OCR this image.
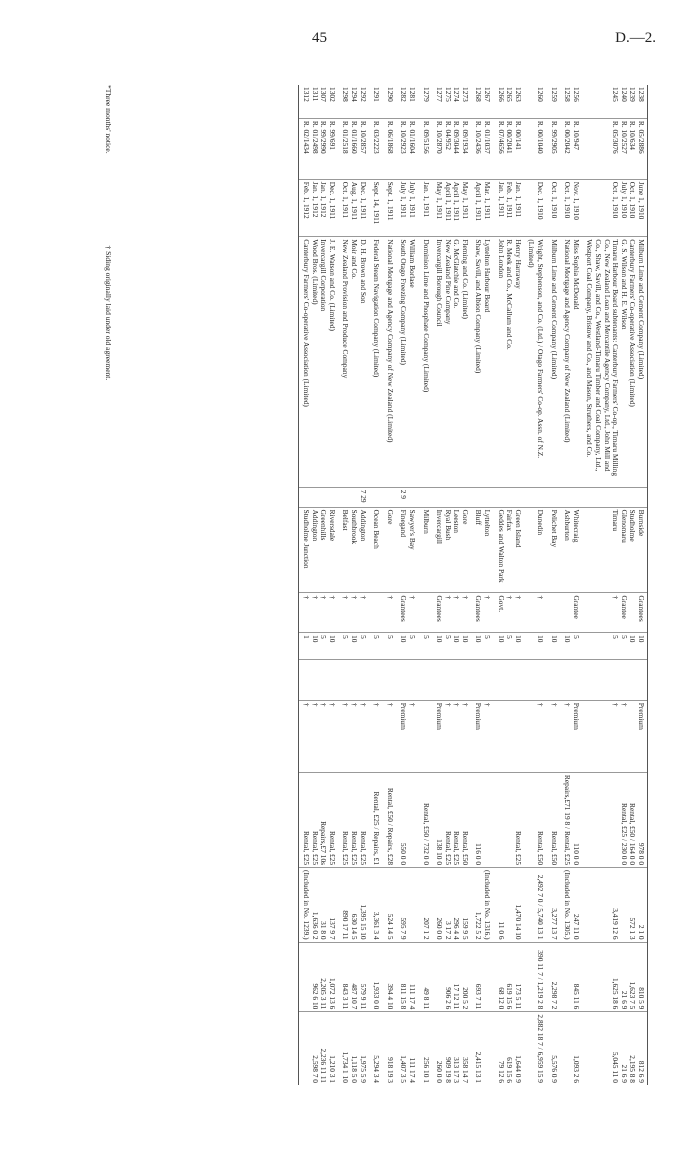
45	D.—2.
1238	R. 05/2886	June 1, 1910	Milburn Lime and Cement Company (Limited)		Burnside	Grantees	10		Premium	978 0 0	2 1 0	810 5 9	812 6 9
1239	R. 10/634	Oct. 1, 1910	Canterbury Farmers' Co-operative Association (Limited)		Studholme		10			Rental, £50 / 164 0 0	572 1 3	1,623 7 5	2,195 8 8
1240	R. 10/2527	July 1, 1910	G. S. Wilson and H. E. Wilson		Glenomaru	Grantee	5		†	Rental, £25 / 230 0 0		21 6 9	21 6 9
1245	R. 05/3076	Oct. 1, 1910	Timaru Harbour Board subtenants: Canterbury Farmers' Co-op., Timaru Milling Co., New Zealand Loan and Mercantile Agency Company, Ltd., John Mill and Co., Shaw, Savill, and Co., Westland-Timaru Timber and Coal Company, Ltd., Westport Coal Company, Bristow and Co., and Mason, Struthers, and Co.		Timaru	†	5		†		3,419 12 6	1,625 18 6	5,045 11 0
1256	R. 10/947	Nov. 1, 1910	Miss Sophia McDonald		Whitecraig	Grantee	5		Premium	110 0 0	247 11 0	845 11 6	1,093 2 6
1258	R. 00/2042	Oct. 1, 1910	National Mortgage and Agency Company of New Zealand (Limited)		Ashburton		10		†	Repairs,£71 19 8 / Rental, £25	(Included in No. 1305.)		
1259	R. 99/2905	Oct. 1, 1910	Milburn Lime and Cement Company (Limited)		Pelichet Bay		10		†	Rental, £50	3,277 13 7	2,298 7 2	5,576 0 9
1260	R. 00/1040	Dec. 1, 1910	Wright, Stephenson, and Co. (Ltd.) / Otago Farmers' Co-op. Assn. of N.Z. (Limited)		Dunedin	†	10		†	Rental, £50	2,492 7 0 / 5,740 13 1	390 11 7 / 1,219 2 8	2,882 18 7 / 6,959 15 9
1263	R. 00/141	Jan. 1, 1911	Henry Harraway		Green Island	†	10			Rental, £25	1,470 14 10	173 5 11	1,644 0 9
1265	R. 00/2041	Feb. 1, 1911	R. Meek and Co., McCallum and Co.		Fairfax	†	5					619 15 6	619 15 6
1266	R. 07/4656	Jan. 1, 1911	John London		Geddes and Walton Park	Govt.	10				11 0 6	68 12 0	79 12 6
1267	R. 01/1037	Mar. 1, 1911	Lyttelton Harbour Board		Lyttelton	†	5		†		(Included in No. 1316.)		
1268	R. 10/2436	April 1, 1911	Shaw, Savill, and Albion Company (Limited)		Bluff	Grantees	10		Premium	116 0 0	1,722 5 2	693 7 11	2,415 13 1
1273	R. 09/1934	May 1, 1911	Fleming and Co. (Limited)		Gore	†	10		†	Rental, £50	159 9 5	200 5 2	358 14 7
1274	R. 09/3044	April 1, 1911	G. McGlatchie and Co.		Leeston	†	10		†	Rental, £25	296 4 4	17 12 11	313 17 3
1275	R. 04/952	April 1, 1911	New Zealand Pine Company		Ryal Bush	†	5		†	Rental, £25	3 17 2	906 2 6	909 19 8
1277	R. 10/2870	May 1, 1911	Invercargill Borough Council		Invercargill	Grantees	10		Premium	138 10 0	260 0 0		260 0 0
1279	R. 09/5156	Jan. 1, 1911	Dominion Lime and Phosphate Company (Limited)		Milburn		5			Rental, £50 / 732 0 0	207 1 2	49 8 11	256 10 1
1281	R. 01/1604	July 1, 1911	William Borlase		Sawyer's Bay	†	5		†			111 17 4	111 17 4
1282	R. 10/2923	July 1, 1911	South Otago Freezing Company (Limited)	2 9	Finegand	Grantees	10		Premium	550 0 0	595 7 9	811 15 8	1,407 3 5
1290	R. 06/1868	Sept. 1, 1911	National Mortgage and Agency Company of New Zealand (Limited)		Gore	†	5		†	Rental, £50 / Repairs, £28	524 14 5	394 4 10	918 19 3
1291	R. 03/2223	Sept. 14, 1911	Federal Steam Navigation Company (Limited)		Ocean Beach		5		†	Rental, £25 / Repairs, £1	3,361 3 4	1,933 0 0	5,294 3 4
1292	R. 10/2857	Dec. 1, 1911	D. H. Brown and Son	7 29	Addington	†	5		†	Rental, £25	1,395 15 10	579 9 11	1,975 5 9
1294	R. 01/1660	Aug. 1, 1911	Moir and Co.		Southbrook	†	10		†	Rental, £25	630 14 5	487 10 7	1,118 5 0
1298	R. 01/2518	Oct. 1, 1911	New Zealand Provision and Produce Company		Belfast	†	5		†	Rental, £25	890 17 11	843 3 11	1,734 1 10
1302	R. 99/691	Dec. 1, 1911	J. E. Watson and Co. (Limited)		Riversdale	†	10		†	Rental, £25	137 9 7	1,072 13 6	1,210 3 1
1307	R. 99/2990	Jan. 1, 1912	Invercargill Corporation		Greenhills	†	5		†	Repairs,£7 10s	31 8 0	2,205 3 11	2,236 11 11
1311	R. 01/2498	Jan. 1, 1912	Wood Bros. (Limited)		Addington	†	10		†	Rental, £25	1,636 0 2	962 6 10	2,598 7 0
1312	R. 02/1434	Feb. 1, 1912	Canterbury Farmers' Co-operative Association (Limited)		Studholme Junction	†	1		†	Rental, £25	(Included in No. 1239.)		
*Three months' notice. † Siding originally laid under old agreement.
